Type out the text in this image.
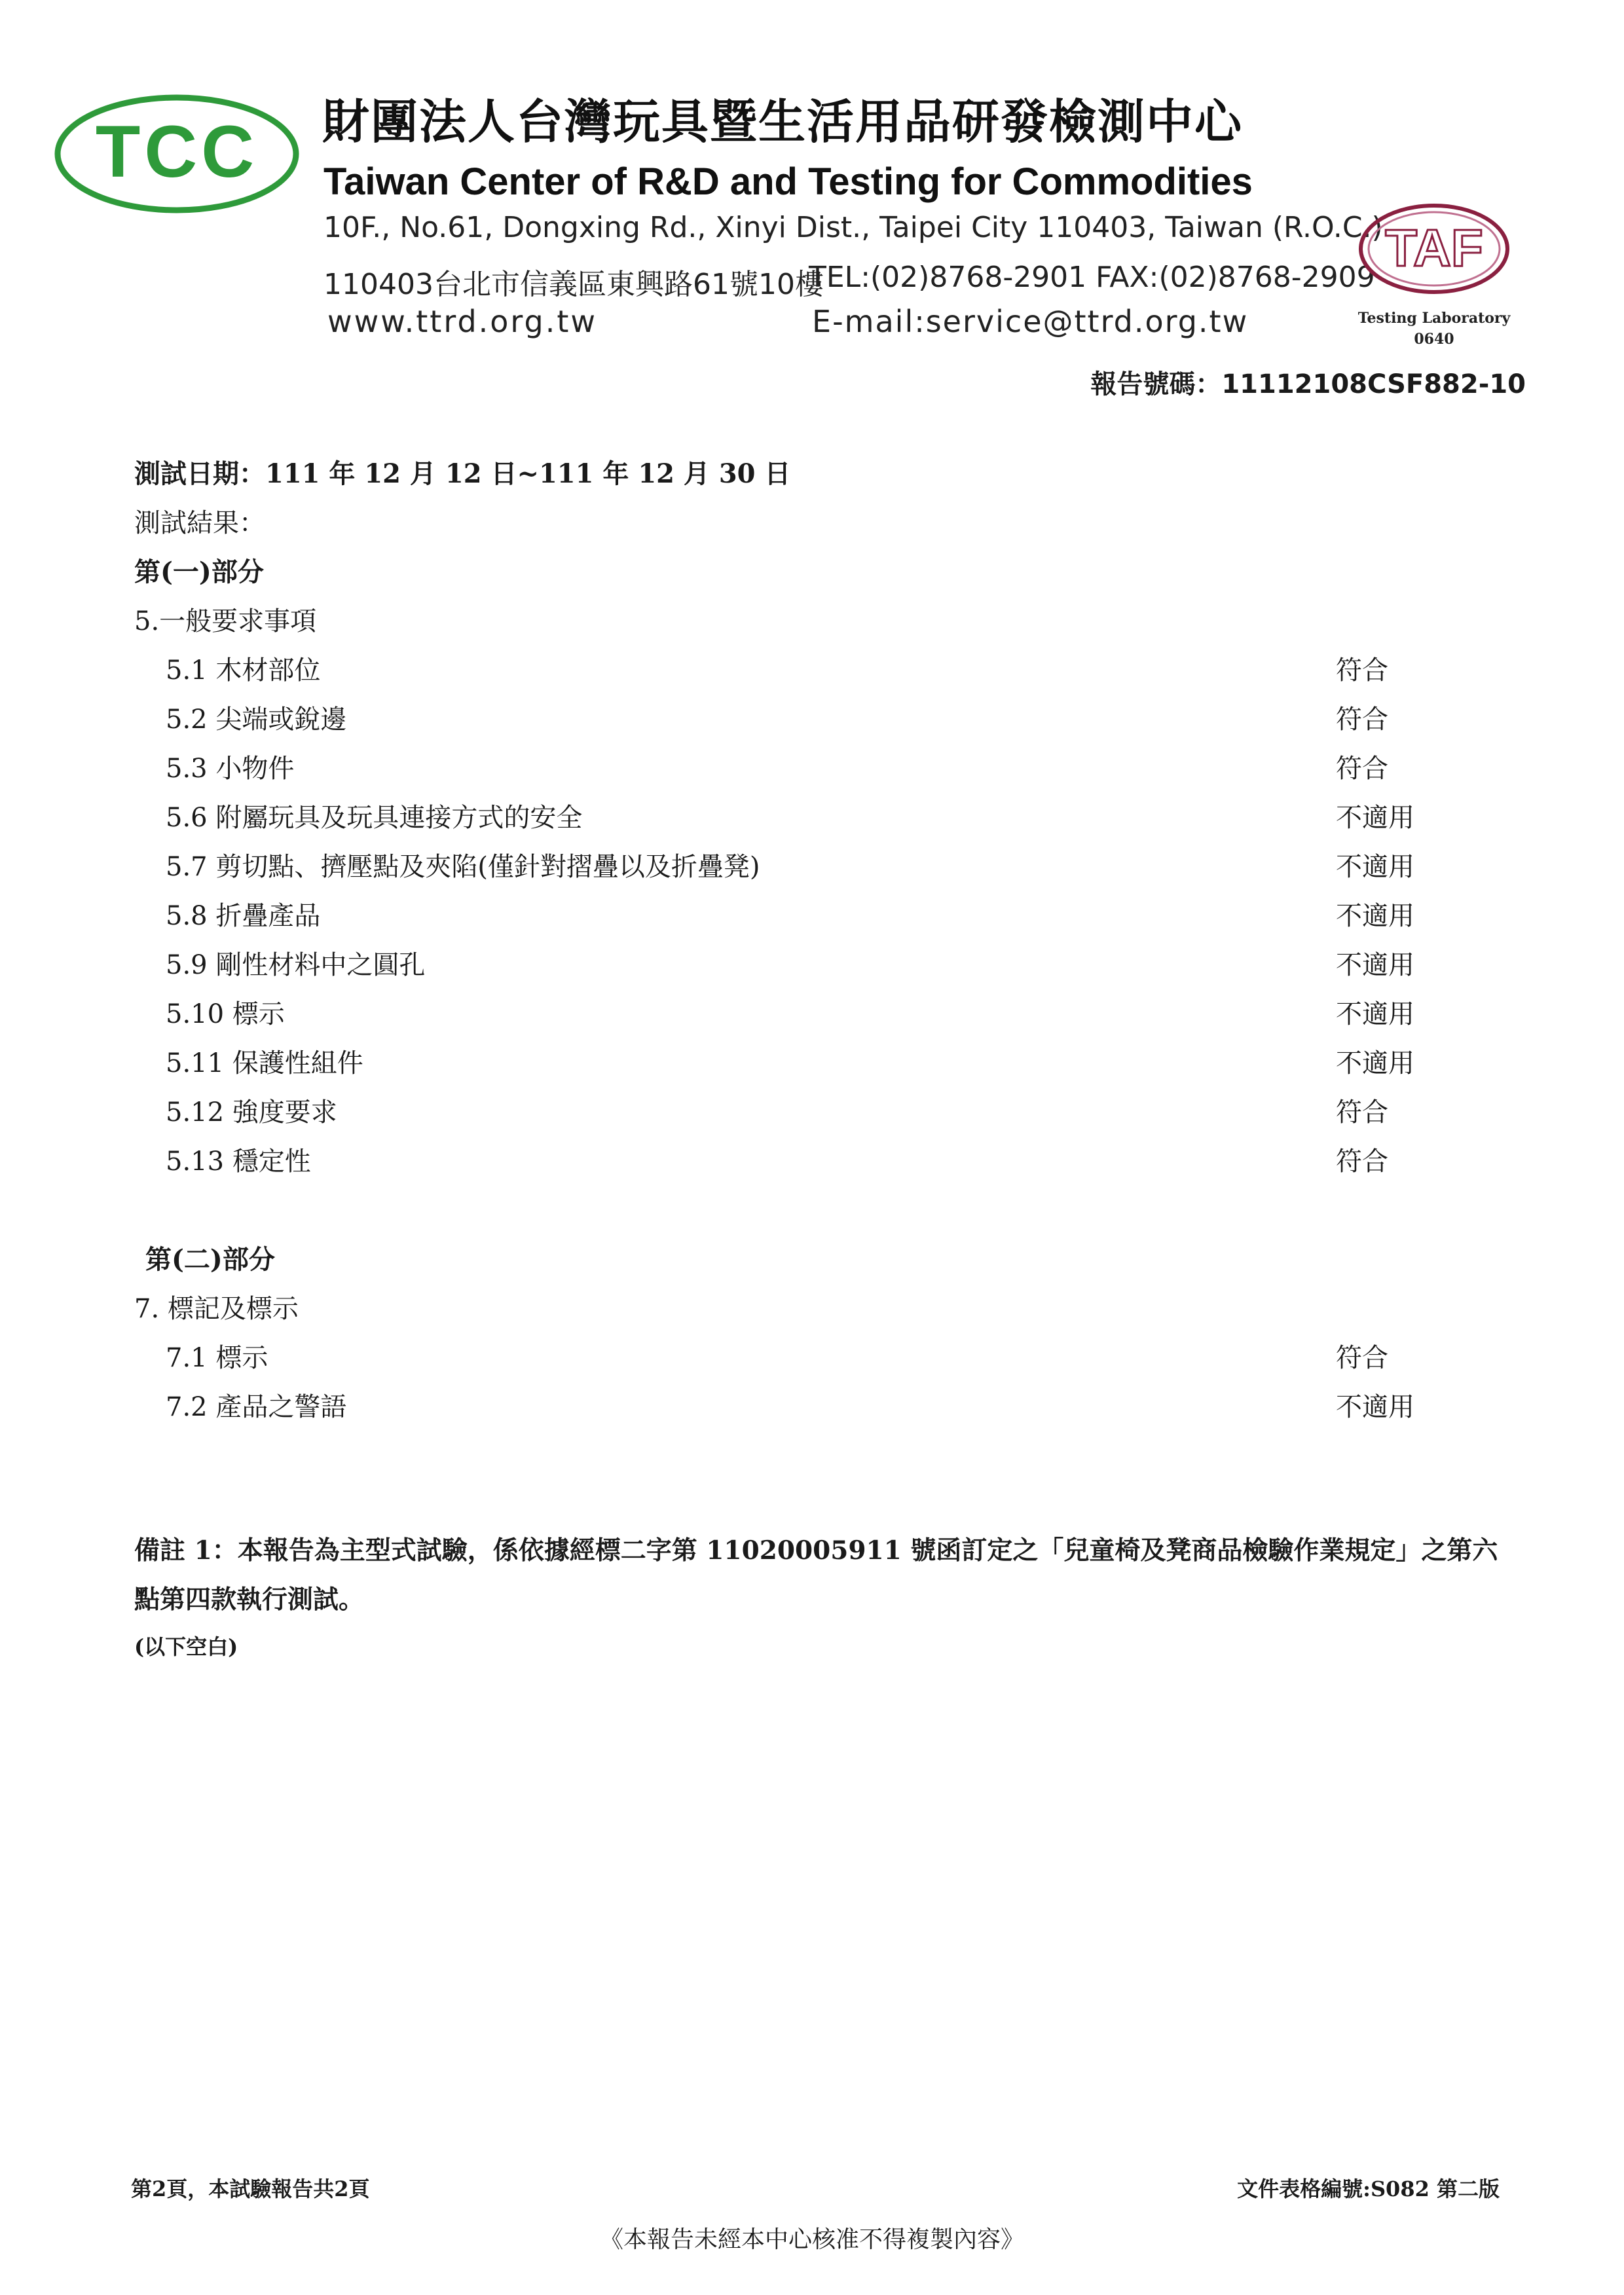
TCC 財團法人台灣玩具暨生活用品研發檢測中心
Taiwan Center of R&D and Testing for Commodities
10F., No.61, Dongxing Rd., Xinyi Dist., Taipei City 110403, Taiwan (R.O.C.)
110403台北市信義區東興路61號10樓
TEL:(02)8768-2901 FAX:(02)8768-2909
www.ttrd.org.tw	E-mail:service@ttrd.org.tw
TAF
Testing Laboratory
0640
報告號碼：11112108CSF882-10
測試日期：111 年 12 月 12 日~111 年 12 月 30 日
測試結果：
第(一)部分
5.一般要求事項
5.1 木材部位	符合
5.2 尖端或銳邊	符合
5.3 小物件	符合
5.6 附屬玩具及玩具連接方式的安全	不適用
5.7 剪切點、擠壓點及夾陷(僅針對摺疊以及折疊凳)	不適用
5.8 折疊產品	不適用
5.9 剛性材料中之圓孔	不適用
5.10 標示	不適用
5.11 保護性組件	不適用
5.12 強度要求	符合
5.13 穩定性	符合
第(二)部分
7. 標記及標示
7.1 標示	符合
7.2 產品之警語	不適用
備註 1：本報告為主型式試驗，係依據經標二字第 11020005911 號函訂定之「兒童椅及凳商品檢驗作業規定」之第六
點第四款執行測試。
(以下空白)
第2頁，本試驗報告共2頁	文件表格編號:S082 第二版
《本報告未經本中心核准不得複製內容》
